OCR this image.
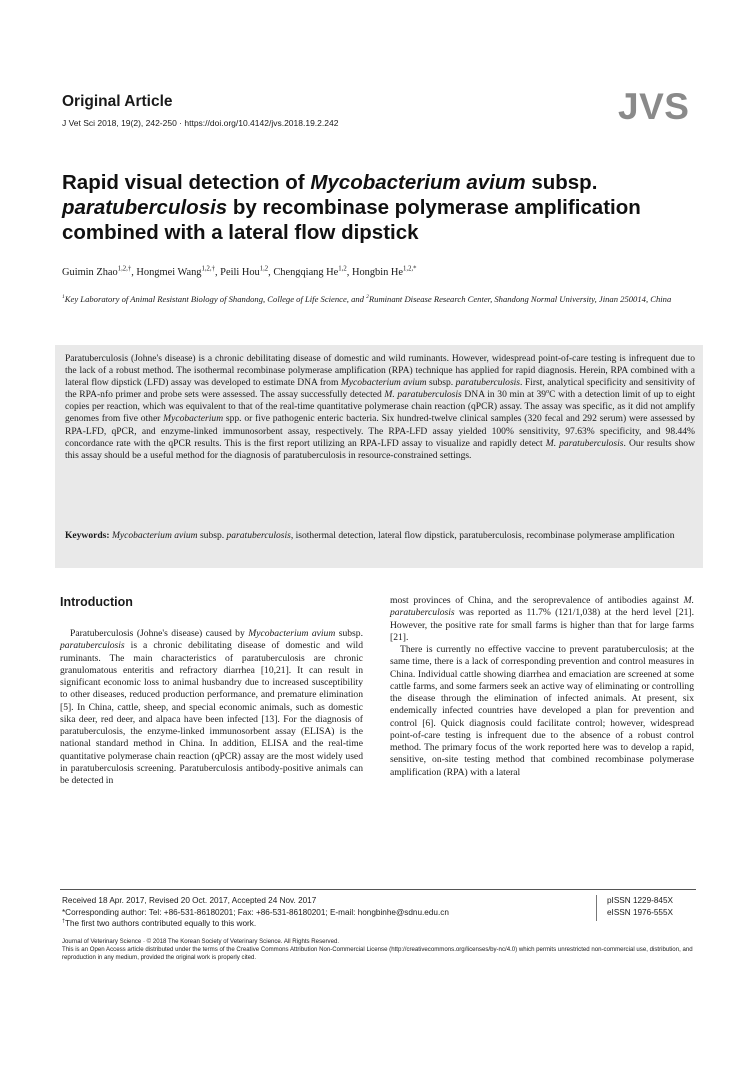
Original Article
J Vet Sci 2018, 19(2), 242-250 · https://doi.org/10.4142/jvs.2018.19.2.242	JVS
Rapid visual detection of Mycobacterium avium subsp. paratuberculosis by recombinase polymerase amplification combined with a lateral flow dipstick
Guimin Zhao$^{1,2,\dagger}$, Hongmei Wang$^{1,2,\dagger}$, Peili Hou$^{1,2}$, Chengqiang He$^{1,2}$, Hongbin $He^{1,2,*}$
$^1$Key Laboratory of Animal Resistant Biology of Shandong, College of Life Science, and $^2$Ruminant Disease Research Center, Shandong Normal University, Jinan 250014, China
Paratuberculosis (Johne's disease) is a chronic debilitating disease of domestic and wild ruminants. However, widespread point-of-care testing is infrequent due to the lack of a robust method. The isothermal recombinase polymerase amplification (RPA) technique has applied for rapid diagnosis. Herein, RPA combined with a lateral flow dipstick (LFD) assay was developed to estimate DNA from Mycobacterium avium subsp. paratuberculosis. First, analytical specificity and sensitivity of the RPA-nfo primer and probe sets were assessed. The assay successfully detected M. paratuberculosis DNA in 30 min at 39$^o$C with a detection limit of up to eight copies per reaction, which was equivalent to that of the real-time quantitative polymerase chain reaction (qPCR) assay. The assay was specific, as it did not amplify genomes from five other Mycobacterium spp. or five pathogenic enteric bacteria. Six hundred-twelve clinical samples (320 fecal and 292 serum) were assessed by RPA-LFD, qPCR, and enzyme-linked immunosorbent assay, respectively. The RPA-LFD assay yielded 100% sensitivity, 97.63% specificity, and 98.44% concordance rate with the qPCR results. This is the first report utilizing an RPA-LFD assay to visualize and rapidly detect M. paratuberculosis. Our results show this assay should be a useful method for the diagnosis of paratuberculosis in resource-constrained settings.
Keywords: Mycobacterium avium subsp. paratuberculosis, isothermal detection, lateral flow dipstick, paratuberculosis, recombinase polymerase amplification
Introduction

Paratuberculosis (Johne's disease) caused by Mycobacterium avium subsp. paratuberculosis is a chronic debilitating disease of domestic and wild ruminants. The main characteristics of paratuberculosis are chronic granulomatous enteritis and refractory diarrhea [10,21]. It can result in significant economic loss to animal husbandry due to increased susceptibility to other diseases, reduced production performance, and premature elimination [5]. In China, cattle, sheep, and special economic animals, such as domestic sika deer, red deer, and alpaca have been infected [13]. For the diagnosis of paratuberculosis, the enzyme-linked immunosorbent assay (ELISA) is the national standard method in China. In addition, ELISA and the real-time quantitative polymerase chain reaction (qPCR) assay are the most widely used in paratuberculosis screening. Paratuberculosis antibody-positive animals can be detected in

most provinces of China, and the seroprevalence of antibodies against M. paratuberculosis was reported as 11.7% (121/1,038) at the herd level [21]. However, the positive rate for small farms is higher than that for large farms [21].

There is currently no effective vaccine to prevent paratuberculosis; at the same time, there is a lack of corresponding prevention and control measures in China. Individual cattle showing diarrhea and emaciation are screened at some cattle farms, and some farmers seek an active way of eliminating or controlling the disease through the elimination of infected animals. At present, six endemically infected countries have developed a plan for prevention and control [6]. Quick diagnosis could facilitate control; however, widespread point-of-care testing is infrequent due to the absence of a robust control method. The primary focus of the work reported here was to develop a rapid, sensitive, on-site testing method that combined recombinase polymerase amplification (RPA) with a lateral

Received 18 Apr. 2017, Revised 20 Oct. 2017, Accepted 24 Nov. 2017
*Corresponding author: Tel: +86-531-86180201; Fax: +86-531-86180201; E-mail: hongbinhe@sdnu.edu.cn
†The first two authors contributed equally to this work.
pISSN 1229-845X
eISSN 1976-555X
Journal of Veterinary Science · © 2018 The Korean Society of Veterinary Science. All Rights Reserved.
This is an Open Access article distributed under the terms of the Creative Commons Attribution Non-Commercial License (http://creativecommons.org/licenses/by-nc/4.0) which permits unrestricted non-commercial use, distribution, and reproduction in any medium, provided the original work is properly cited.
